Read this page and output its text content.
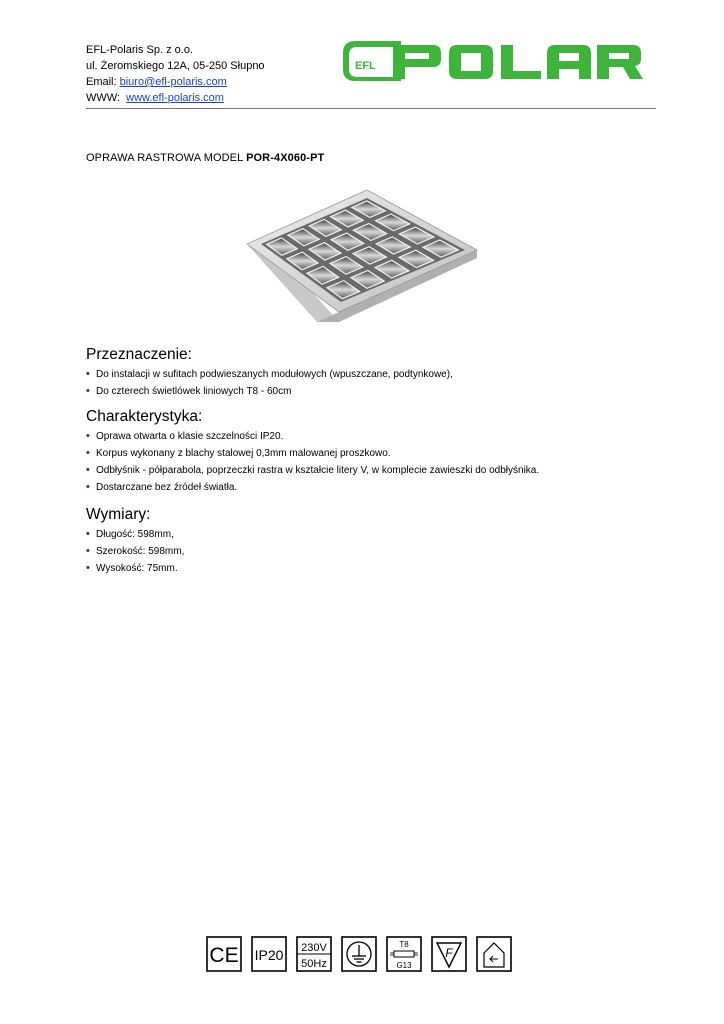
EFL-Polaris Sp. z o.o.
ul. Żeromskiego 12A, 05-250 Słupno
Email: biuro@efl-polaris.com
WWW: www.efl-polaris.com
EFL
OPRAWA RASTROWA MODEL POR-4X060-PT
Przeznaczenie:
• Do instalacji w sufitach podwieszanych modułowych (wpuszczane, podtynkowe),
• Do czterech świetlówek liniowych T8 - 60cm
Charakterystyka:
• Oprawa otwarta o klasie szczelności IP20.
• Korpus wykonany z blachy stalowej 0,3mm malowanej proszkowo.
• Odbłyśnik - półparabola, poprzeczki rastra w kształcie litery V, w komplecie zawieszki do odbłyśnika.
• Dostarczane bez źródeł światła.
Wymiary:
• Długość: 598mm,
• Szerokość: 598mm,
• Wysokość: 75mm.
CE IP20 230V
50Hz
T8
G13
F
